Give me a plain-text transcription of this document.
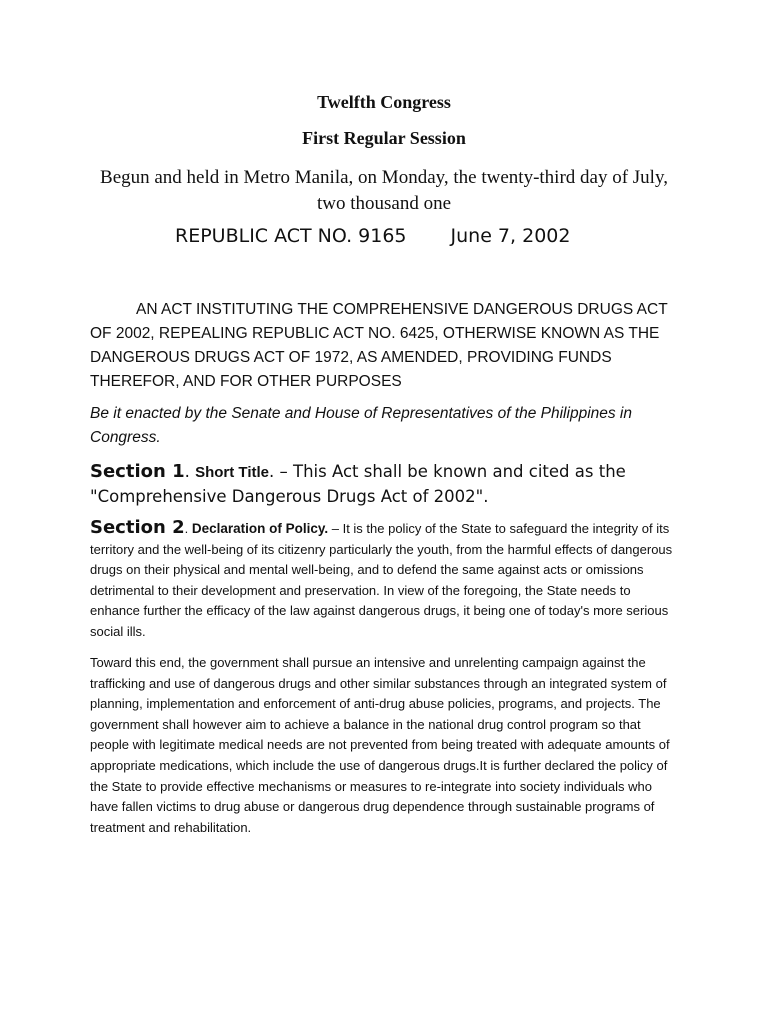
Twelfth Congress
First Regular Session
Begun and held in Metro Manila, on Monday, the twenty-third day of July, two thousand one
REPUBLIC ACT NO. 9165 June 7, 2002
AN ACT INSTITUTING THE COMPREHENSIVE DANGEROUS DRUGS ACT OF 2002, REPEALING REPUBLIC ACT NO. 6425, OTHERWISE KNOWN AS THE DANGEROUS DRUGS ACT OF 1972, AS AMENDED, PROVIDING FUNDS THEREFOR, AND FOR OTHER PURPOSES
Be it enacted by the Senate and House of Representatives of the Philippines in Congress.
Section 1. Short Title. – This Act shall be known and cited as the "Comprehensive Dangerous Drugs Act of 2002".
Section 2. Declaration of Policy. – It is the policy of the State to safeguard the integrity of its territory and the well-being of its citizenry particularly the youth, from the harmful effects of dangerous drugs on their physical and mental well-being, and to defend the same against acts or omissions detrimental to their development and preservation. In view of the foregoing, the State needs to enhance further the efficacy of the law against dangerous drugs, it being one of today's more serious social ills.
Toward this end, the government shall pursue an intensive and unrelenting campaign against the trafficking and use of dangerous drugs and other similar substances through an integrated system of planning, implementation and enforcement of anti-drug abuse policies, programs, and projects. The government shall however aim to achieve a balance in the national drug control program so that people with legitimate medical needs are not prevented from being treated with adequate amounts of appropriate medications, which include the use of dangerous drugs.It is further declared the policy of the State to provide effective mechanisms or measures to re-integrate into society individuals who have fallen victims to drug abuse or dangerous drug dependence through sustainable programs of treatment and rehabilitation.
